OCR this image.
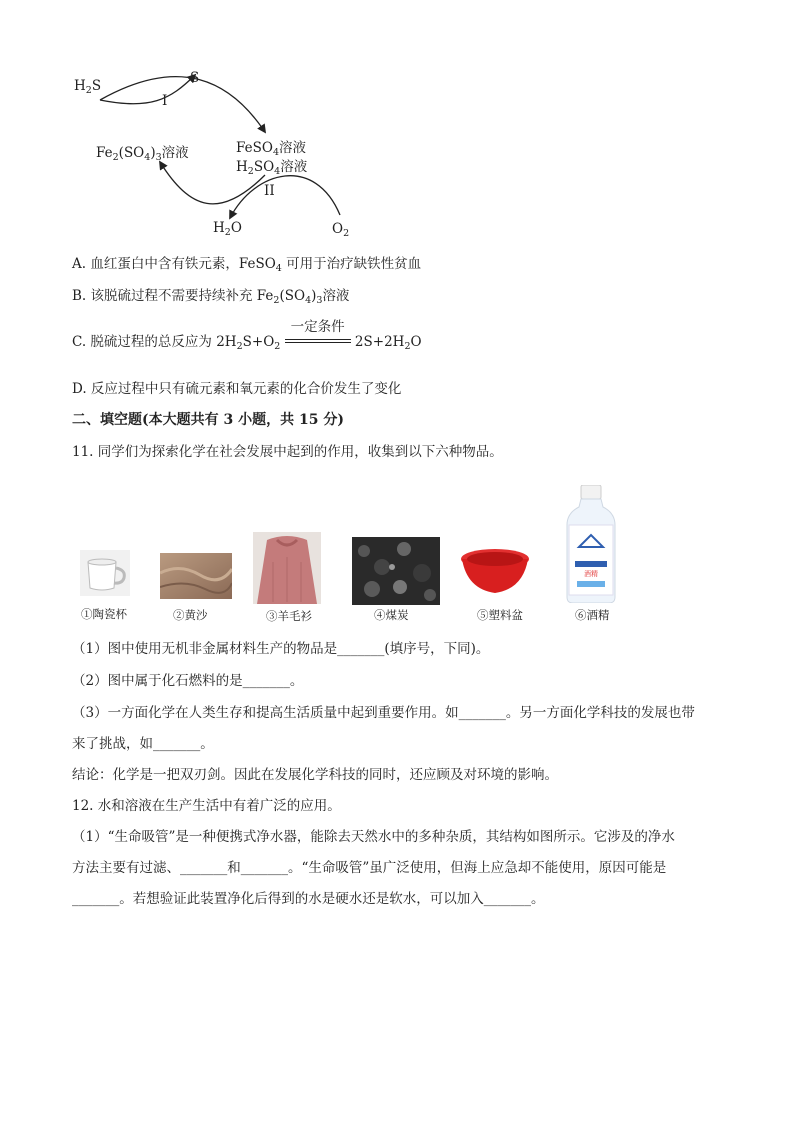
$H_2S$	S
I
$Fe_2(SO_4)_3$溶液	FeSO$_4$溶液
$H_2SO_4$溶液
II
$H_2O$	$O_2$
A. 血红蛋白中含有铁元素，FeSO$_4$ 可用于治疗缺铁性贫血
B. 该脱硫过程不需要持续补充 $Fe_2(SO_4)_3$溶液
C. 脱硫过程的总反应为 $2H_2S+O_2$
一定条件
$2S+2H_2O$
D. 反应过程中只有硫元素和氧元素的化合价发生了变化
二、填空题(本大题共有 3 小题，共 15 分)
11. 同学们为探索化学在社会发展中起到的作用，收集到以下六种物品。
酒精
①陶瓷杯	②黄沙	③羊毛衫	④煤炭	⑤塑料盆	⑥酒精
（1）图中使用无机非金属材料生产的物品是_______(填序号，下同)。
（2）图中属于化石燃料的是_______。
（3）一方面化学在人类生存和提高生活质量中起到重要作用。如_______。另一方面化学科技的发展也带
来了挑战，如_______。
结论：化学是一把双刃剑。因此在发展化学科技的同时，还应顾及对环境的影响。
12. 水和溶液在生产生活中有着广泛的应用。
（1）“生命吸管”是一种便携式净水器，能除去天然水中的多种杂质，其结构如图所示。它涉及的净水
方法主要有过滤、_______和_______。“生命吸管”虽广泛使用，但海上应急却不能使用，原因可能是
_______。若想验证此装置净化后得到的水是硬水还是软水，可以加入_______。
